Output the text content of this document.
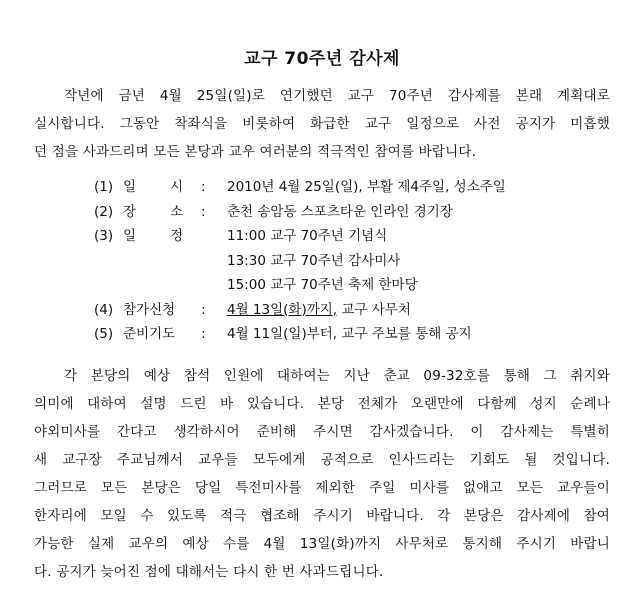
교구 70주년 감사제
작년에 금년 4월 25일(일)로 연기했던 교구 70주년 감사제를 본래 계획대로
실시합니다. 그동안 착좌식을 비롯하여 화급한 교구 일정으로 사전 공지가 미흡했
던 점을 사과드리며 모든 본당과 교우 여러분의 적극적인 참여를 바랍니다.
(1) 일	시 :	2010년 4월 25일(일), 부활 제4주일, 성소주일
(2) 장	소 :	춘천 송암동 스포츠타운 인라인 경기장
(3) 일	정	11:00 교구 70주년 기념식
13:30 교구 70주년 감사미사
15:00 교구 70주년 축제 한마당
(4) 참가신청	:	4월 13일(화)까지, 교구 사무처
(5) 준비기도	:	4월 11일(일)부터, 교구 주보를 통해 공지
각 본당의 예상 참석 인원에 대하여는 지난 춘교 09-32호를 통해 그 취지와
의미에 대하여 설명 드린 바 있습니다. 본당 전체가 오랜만에 다함께 성지 순례나
야외미사를 간다고 생각하시어 준비해 주시면 감사겠습니다. 이 감사제는 특별히
새 교구장 주교님께서 교우들 모두에게 공적으로 인사드리는 기회도 될 것입니다.
그러므로 모든 본당은 당일 특전미사를 제외한 주일 미사를 없애고 모든 교우들이
한자리에 모일 수 있도록 적극 협조해 주시기 바랍니다. 각 본당은 감사제에 참여
가능한 실제 교우의 예상 수를 4월 13일(화)까지 사무처로 통지해 주시기 바랍니
다. 공지가 늦어진 점에 대해서는 다시 한 번 사과드립니다.
